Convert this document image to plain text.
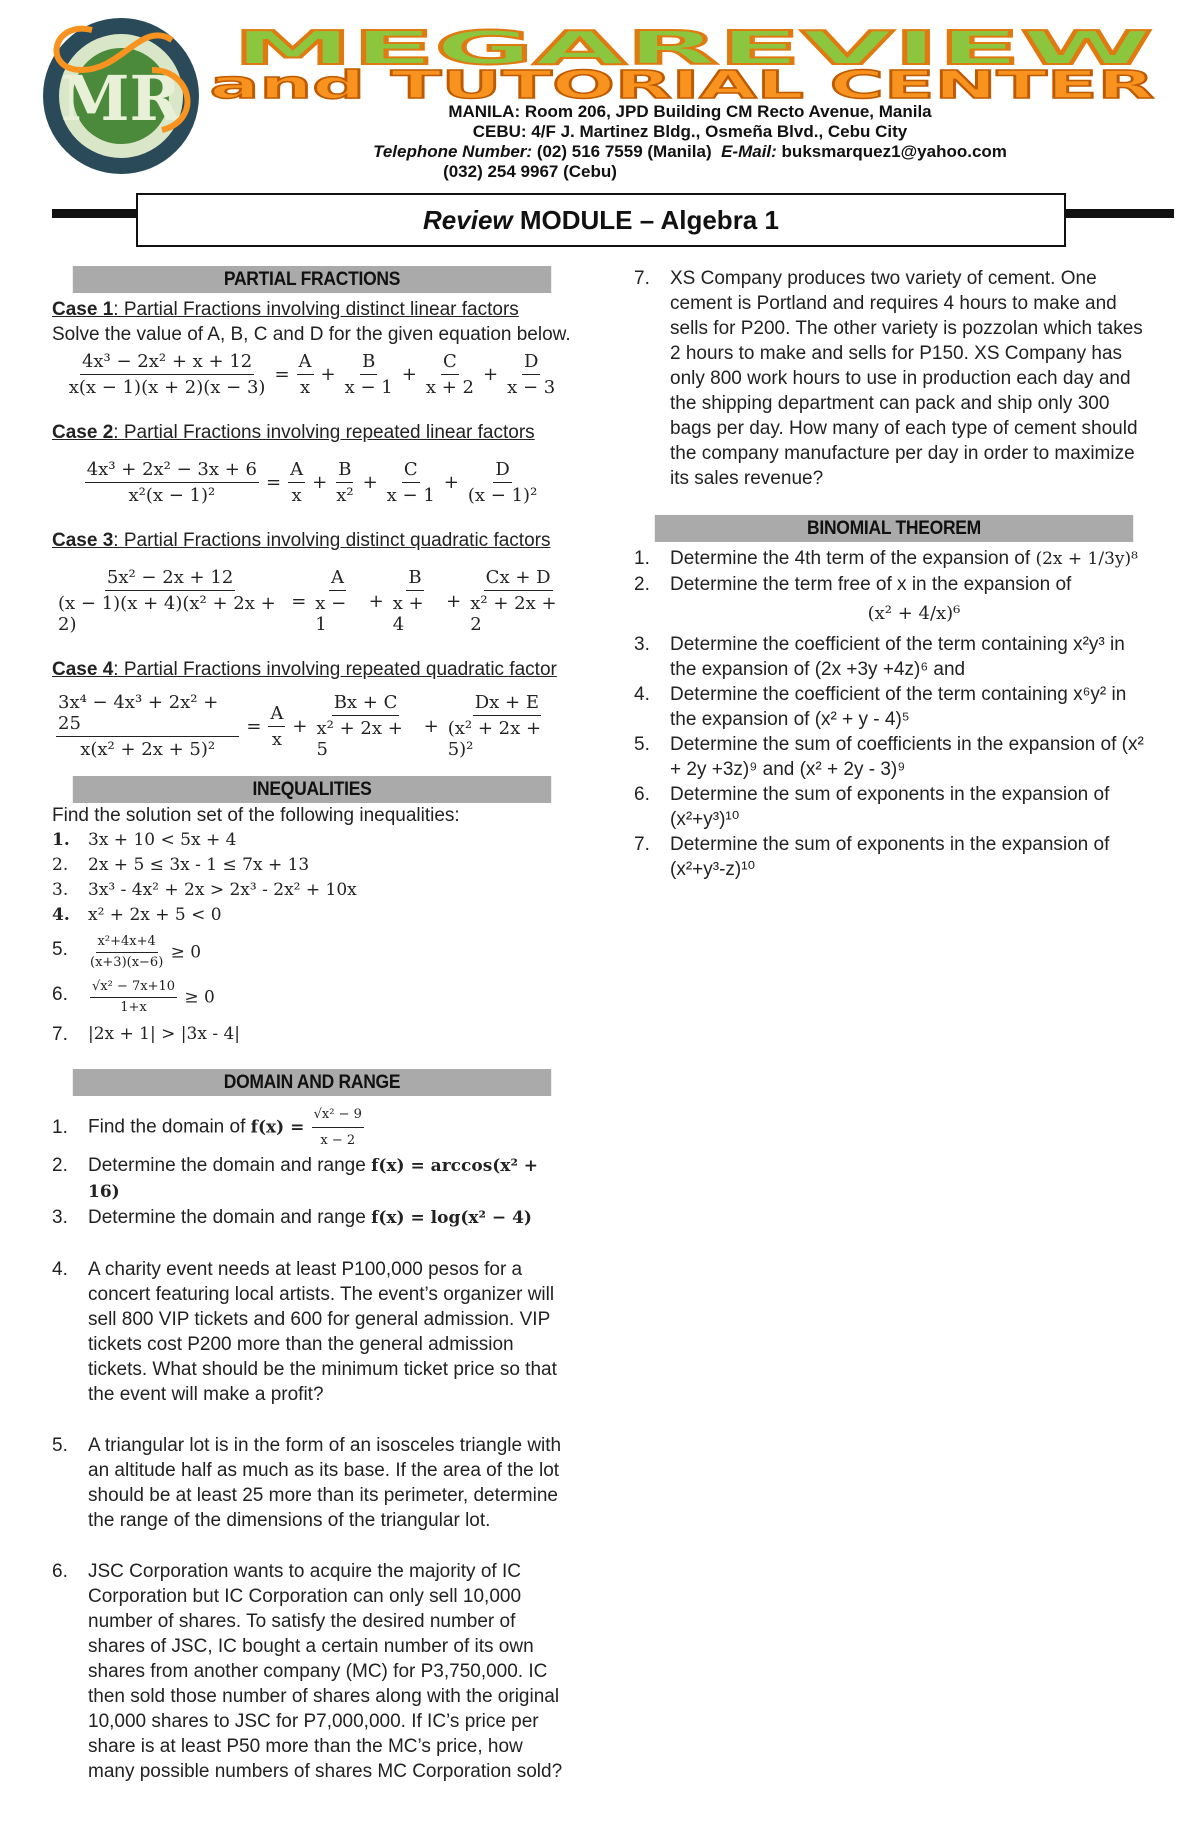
MR
MEGAREVIEW
and TUTORIAL CENTER
MANILA: Room 206, JPD Building CM Recto Avenue, Manila
CEBU: 4/F J. Martinez Bldg., Osmeña Blvd., Cebu City
Telephone Number: (02) 516 7559 (Manila) E-Mail: buksmarquez1@yahoo.com
(032) 254 9967 (Cebu)
Review MODULE – Algebra 1
PARTIAL FRACTIONS
Case 1: Partial Fractions involving distinct linear factors
Solve the value of A, B, C and D for the given equation below.
$\frac{\text{4x³ − 2x² + x + 12}}{x(x - 1)(x + 2)(x - 3)} = \frac{A}{x} + \frac{B}{x - 1} + \frac{C}{x + 2} + \frac{D}{x - 3}$
Case 2: Partial Fractions involving repeated linear factors
$\frac{\text{4x³ + 2x² − 3x + 6}}{\text{x²(x − 1)²}} = \frac{A}{x} + \frac{B}{\text{x²}} + \frac{C}{x - 1} + \frac{D}{\text{(x − 1)²}}$
Case 3: Partial Fractions involving distinct quadratic factors
$\frac{\text{5x² − 2x + 12}}{\text{(x − 1)(x + 4)(x² + 2x + 2)}} = \frac{A}{x - 1} + \frac{B}{x + 4} + \frac{Cx + D}{\text{x² + 2x + 2}}$
Case 4: Partial Fractions involving repeated quadratic factor
$\frac{\text{3x⁴ − 4x³ + 2x² + 25}}{\text{x(x² + 2x + 5)²}} = \frac{A}{x} + \frac{Bx + C}{\text{x² + 2x + 5}} + \frac{Dx + E}{\text{(x² + 2x + 5)²}}$
INEQUALITIES
Find the solution set of the following inequalities:
1.	3x + 10 < 5x + 4
2.	2x + 5 ≤ 3x - 1 ≤ 7x + 13
3.	3x³ - 4x² + 2x > 2x³ - 2x² + 10x
4.	x² + 2x + 5 < 0
5.	$\frac{\text{x²+4x+4}}{(x+3)(x-6)} \ge 0$
6.	$\frac{\text{√x² − 7x+10}}{1+x} \ge 0$
7.	|2x + 1| > |3x - 4|
DOMAIN AND RANGE
1.	Find the domain of $f(x) = \frac{\text{√x² − 9}}{x - 2}$
2.	Determine the domain and range f(x) = arccos(x² + 16)
3.	Determine the domain and range f(x) = log(x² − 4)
4.	A charity event needs at least P100,000 pesos for a concert featuring local artists. The event’s organizer will sell 800 VIP tickets and 600 for general admission. VIP tickets cost P200 more than the general admission tickets. What should be the minimum ticket price so that the event will make a profit?
5.	A triangular lot is in the form of an isosceles triangle with an altitude half as much as its base. If the area of the lot should be at least 25 more than its perimeter, determine the range of the dimensions of the triangular lot.
6.	JSC Corporation wants to acquire the majority of IC Corporation but IC Corporation can only sell 10,000 number of shares. To satisfy the desired number of shares of JSC, IC bought a certain number of its own shares from another company (MC) for P3,750,000. IC then sold those number of shares along with the original 10,000 shares to JSC for P7,000,000. If IC’s price per share is at least P50 more than the MC’s price, how many possible numbers of shares MC Corporation sold?
7.	XS Company produces two variety of cement. One cement is Portland and requires 4 hours to make and sells for P200. The other variety is pozzolan which takes 2 hours to make and sells for P150. XS Company has only 800 work hours to use in production each day and the shipping department can pack and ship only 300 bags per day. How many of each type of cement should the company manufacture per day in order to maximize its sales revenue?
BINOMIAL THEOREM
1.	Determine the 4th term of the expansion of (2x + 1/3y)⁸
2.	Determine the term free of x in the expansion of
(x² + 4/x)⁶
3.	Determine the coefficient of the term containing x²y³ in the expansion of (2x +3y +4z)⁶ and
4.	Determine the coefficient of the term containing x⁶y² in the expansion of (x² + y - 4)⁵
5.	Determine the sum of coefficients in the expansion of (x² + 2y +3z)⁹ and (x² + 2y - 3)⁹
6.	Determine the sum of exponents in the expansion of (x²+y³)¹⁰
7.	Determine the sum of exponents in the expansion of (x²+y³-z)¹⁰
